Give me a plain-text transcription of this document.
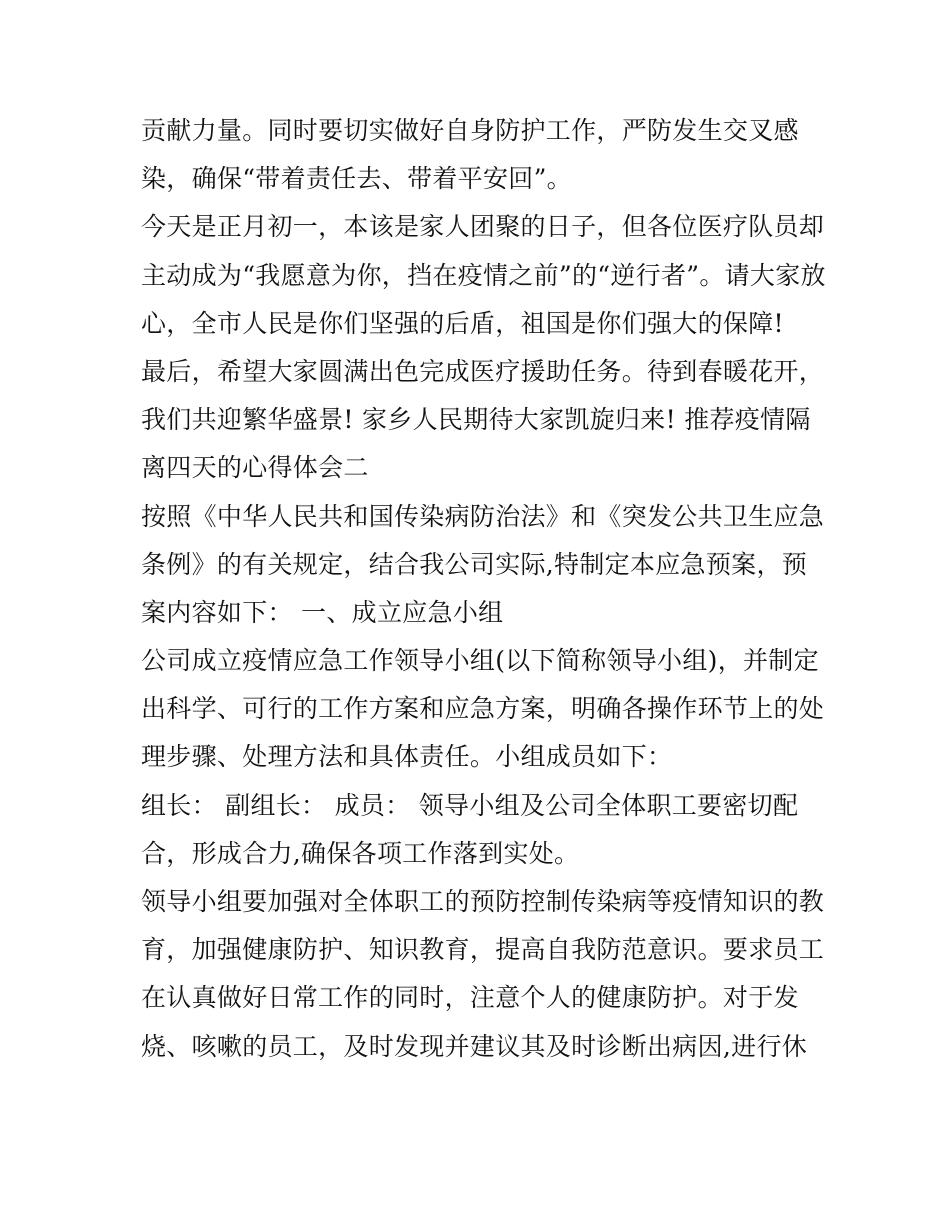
贡献力量。同时要切实做好自身防护工作，严防发生交叉感
染，确保“带着责任去、带着平安回”。
今天是正月初一，本该是家人团聚的日子，但各位医疗队员却
主动成为“我愿意为你，挡在疫情之前”的“逆行者”。请大家放
心，全市人民是你们坚强的后盾，祖国是你们强大的保障!
最后，希望大家圆满出色完成医疗援助任务。待到春暖花开，
我们共迎繁华盛景! 家乡人民期待大家凯旋归来! 推荐疫情隔
离四天的心得体会二
按照《中华人民共和国传染病防治法》和《突发公共卫生应急
条例》的有关规定，结合我公司实际,特制定本应急预案，预
案内容如下： 一、成立应急小组
公司成立疫情应急工作领导小组(以下简称领导小组)，并制定
出科学、可行的工作方案和应急方案，明确各操作环节上的处
理步骤、处理方法和具体责任。小组成员如下：
组长： 副组长： 成员： 领导小组及公司全体职工要密切配
合，形成合力,确保各项工作落到实处。
领导小组要加强对全体职工的预防控制传染病等疫情知识的教
育，加强健康防护、知识教育，提高自我防范意识。要求员工
在认真做好日常工作的同时，注意个人的健康防护。对于发
烧、咳嗽的员工，及时发现并建议其及时诊断出病因,进行休
